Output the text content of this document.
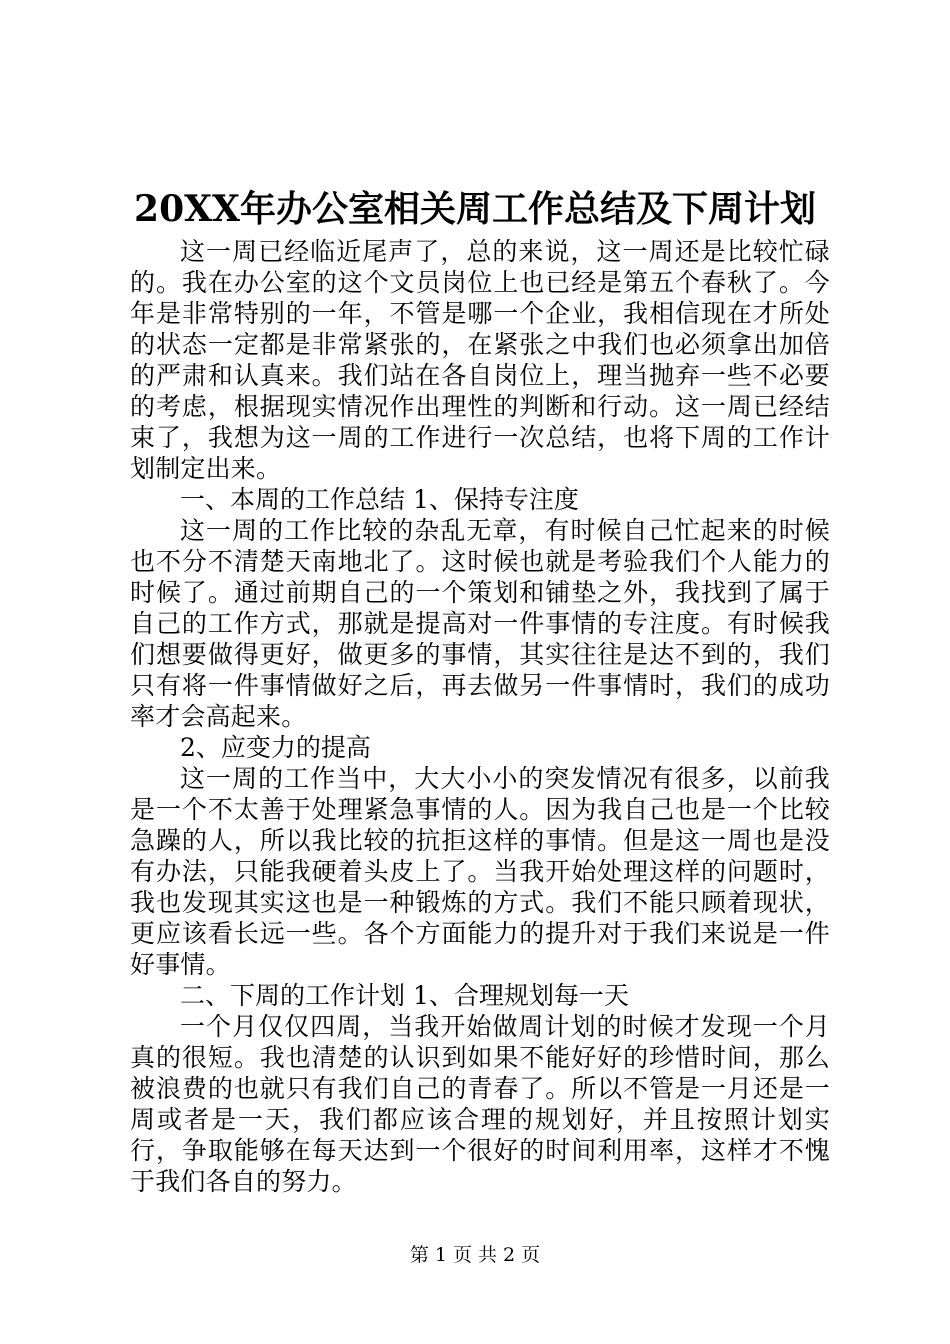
20XX年办公室相关周工作总结及下周计划

这一周已经临近尾声了，总的来说，这一周还是比较忙碌的。我在办公室的这个文员岗位上也已经是第五个春秋了。今年是非常特别的一年，不管是哪一个企业，我相信现在才所处的状态一定都是非常紧张的，在紧张之中我们也必须拿出加倍的严肃和认真来。我们站在各自岗位上，理当抛弃一些不必要的考虑，根据现实情况作出理性的判断和行动。这一周已经结束了，我想为这一周的工作进行一次总结，也将下周的工作计划制定出来。

一、本周的工作总结 1、保持专注度

这一周的工作比较的杂乱无章，有时候自己忙起来的时候也不分不清楚天南地北了。这时候也就是考验我们个人能力的时候了。通过前期自己的一个策划和铺垫之外，我找到了属于自己的工作方式，那就是提高对一件事情的专注度。有时候我们想要做得更好，做更多的事情，其实往往是达不到的，我们只有将一件事情做好之后，再去做另一件事情时，我们的成功率才会高起来。

2、应变力的提高

这一周的工作当中，大大小小的突发情况有很多，以前我是一个不太善于处理紧急事情的人。因为我自己也是一个比较急躁的人，所以我比较的抗拒这样的事情。但是这一周也是没有办法，只能我硬着头皮上了。当我开始处理这样的问题时，我也发现其实这也是一种锻炼的方式。我们不能只顾着现状，更应该看长远一些。各个方面能力的提升对于我们来说是一件好事情。

二、下周的工作计划 1、合理规划每一天

一个月仅仅四周，当我开始做周计划的时候才发现一个月真的很短。我也清楚的认识到如果不能好好的珍惜时间，那么被浪费的也就只有我们自己的青春了。所以不管是一月还是一周或者是一天，我们都应该合理的规划好，并且按照计划实行，争取能够在每天达到一个很好的时间利用率，这样才不愧于我们各自的努力。

第 1 页 共 2 页
